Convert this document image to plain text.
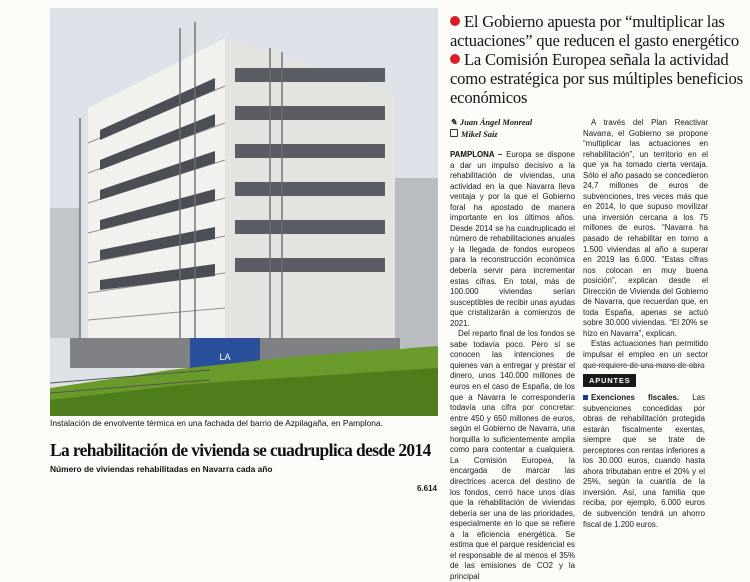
LA
Instalación de envolvente térmica en una fachada del barrio de Azpilagaña, en Pamplona.
El Gobierno apuesta por “multiplicar las actuaciones” que reducen el gasto energético La Comisión Europea señala la actividad como estratégica por sus múltiples beneficios económicos
✎ Juan Ángel Monreal
Mikel Saiz

PAMPLONA – Europa se dispone a dar un impulso decisivo a la rehabilitación de viviendas, una actividad en la que Navarra lleva ventaja y por la que el Gobierno foral ha apostado de manera importante en los últimos años. Desde 2014 se ha cuadruplicado el número de rehabilitaciones anuales y la llegada de fondos europeos para la reconstrucción económica debería servir para incrementar estas cifras. En total, más de 100.000 viviendas serían susceptibles de recibir unas ayudas que cristalizarán a comienzos de 2021.

Del reparto final de los fondos se sabe todavía poco. Pero sí se conocen las intenciones de quienes van a entregar y prestar el dinero, unos 140.000 millones de euros en el caso de España, de los que a Navarra le correspondería todavía una cifra por concretar: entre 450 y 650 millones de euros, según el Gobierno de Navarra, una horquilla lo suficientemente amplia como para contentar a cualquiera. La Comisión Europea, la encargada de marcar las directrices acerca del destino de los fondos, cerró hace unos días que la rehabilitación de viviendas debería ser una de las prioridades, especialmente en lo que se refiere a la eficiencia energética. Se estima que el parque residencial es el responsable de al menos el 35% de las emisiones de CO2 y la principal

A través del Plan Reactivar Navarra, el Gobierno se propone “multiplicar las actuaciones en rehabilitación”, un territorio en el que ya ha tomado cierta ventaja. Sólo el año pasado se concedieron 24,7 millones de euros de subvenciones, tres veces más que en 2014, lo que supuso movilizar una inversión cercana a los 75 millones de euros. “Navarra ha pasado de rehabilitar en torno a 1.500 viviendas al año a superar en 2019 las 6.000. “Estas cifras nos colocan en muy buena posición”, explican desde el Dirección de Vivienda del Gobierno de Navarra, que recuerdan que, en toda España, apenas se actuó sobre 30.000 viviendas. “El 20% se hizo en Navarra”, explican.

Estas actuaciones han permitido impulsar el empleo en un sector que requiere de una mano de obra

APUNTES
Exenciones fiscales. Las subvenciones concedidas por obras de rehabilitación protegida estarán fiscalmente exentas, siempre que se trate de perceptores con rentas inferiores a los 30.000 euros, cuando hasta ahora tributaban entre el 20% y el 25%, según la cuantía de la inversión. Así, una familia que reciba, por ejemplo, 6.000 euros de subvención tendrá un ahorro fiscal de 1.200 euros.
La rehabilitación de vivienda se cuadruplica desde 2014
Número de viviendas rehabilitadas en Navarra cada año
6.614
